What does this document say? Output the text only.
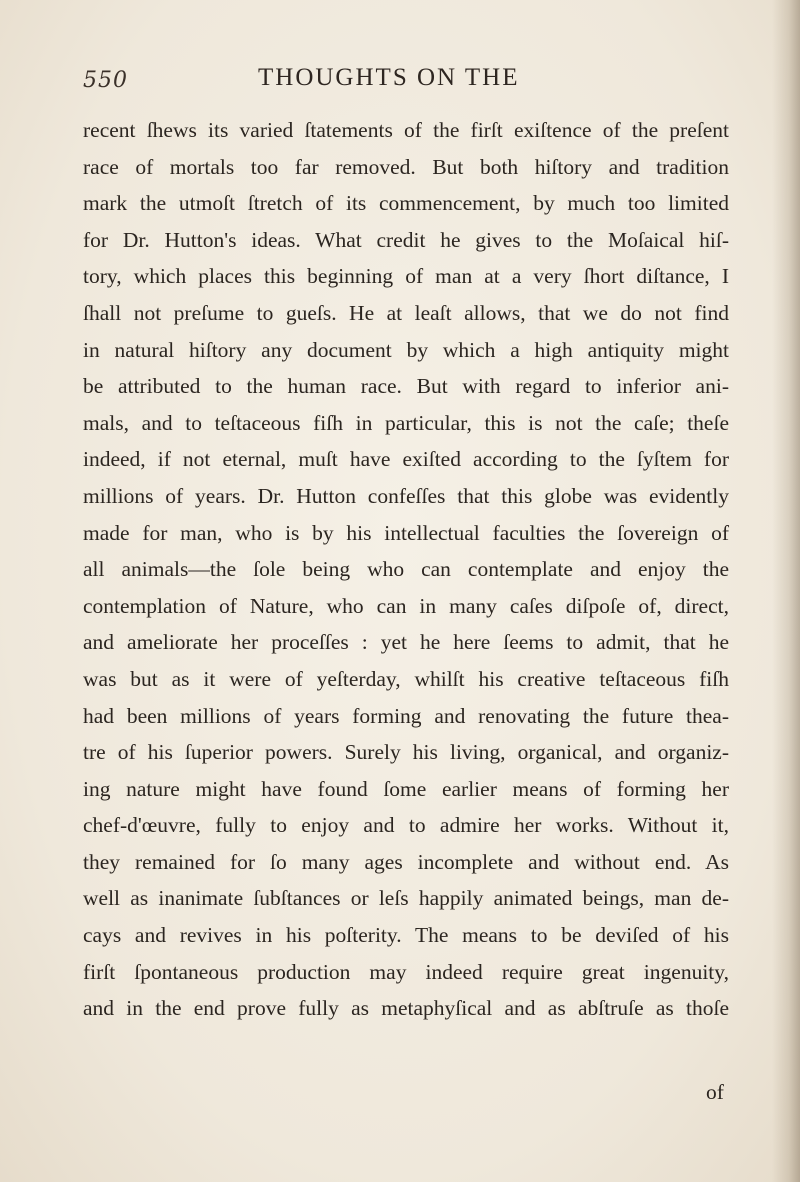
550	THOUGHTS ON THE
recent ſhews its varied ſtatements of the firſt exiſtence of the preſent
race of mortals too far removed. But both hiſtory and tradition
mark the utmoſt ſtretch of its commencement, by much too limited
for Dr. Hutton's ideas. What credit he gives to the Moſaical hiſ-
tory, which places this beginning of man at a very ſhort diſtance, I
ſhall not preſume to gueſs. He at leaſt allows, that we do not find
in natural hiſtory any document by which a high antiquity might
be attributed to the human race. But with regard to inferior ani-
mals, and to teſtaceous fiſh in particular, this is not the caſe; theſe
indeed, if not eternal, muſt have exiſted according to the ſyſtem for
millions of years. Dr. Hutton confeſſes that this globe was evidently
made for man, who is by his intellectual faculties the ſovereign of
all animals—the ſole being who can contemplate and enjoy the
contemplation of Nature, who can in many caſes diſpoſe of, direct,
and ameliorate her proceſſes : yet he here ſeems to admit, that he
was but as it were of yeſterday, whilſt his creative teſtaceous fiſh
had been millions of years forming and renovating the future thea-
tre of his ſuperior powers. Surely his living, organical, and organiz-
ing nature might have found ſome earlier means of forming her
chef-d'œuvre, fully to enjoy and to admire her works. Without it,
they remained for ſo many ages incomplete and without end. As
well as inanimate ſubſtances or leſs happily animated beings, man de-
cays and revives in his poſterity. The means to be deviſed of his
firſt ſpontaneous production may indeed require great ingenuity,
and in the end prove fully as metaphyſical and as abſtruſe as thoſe
of
